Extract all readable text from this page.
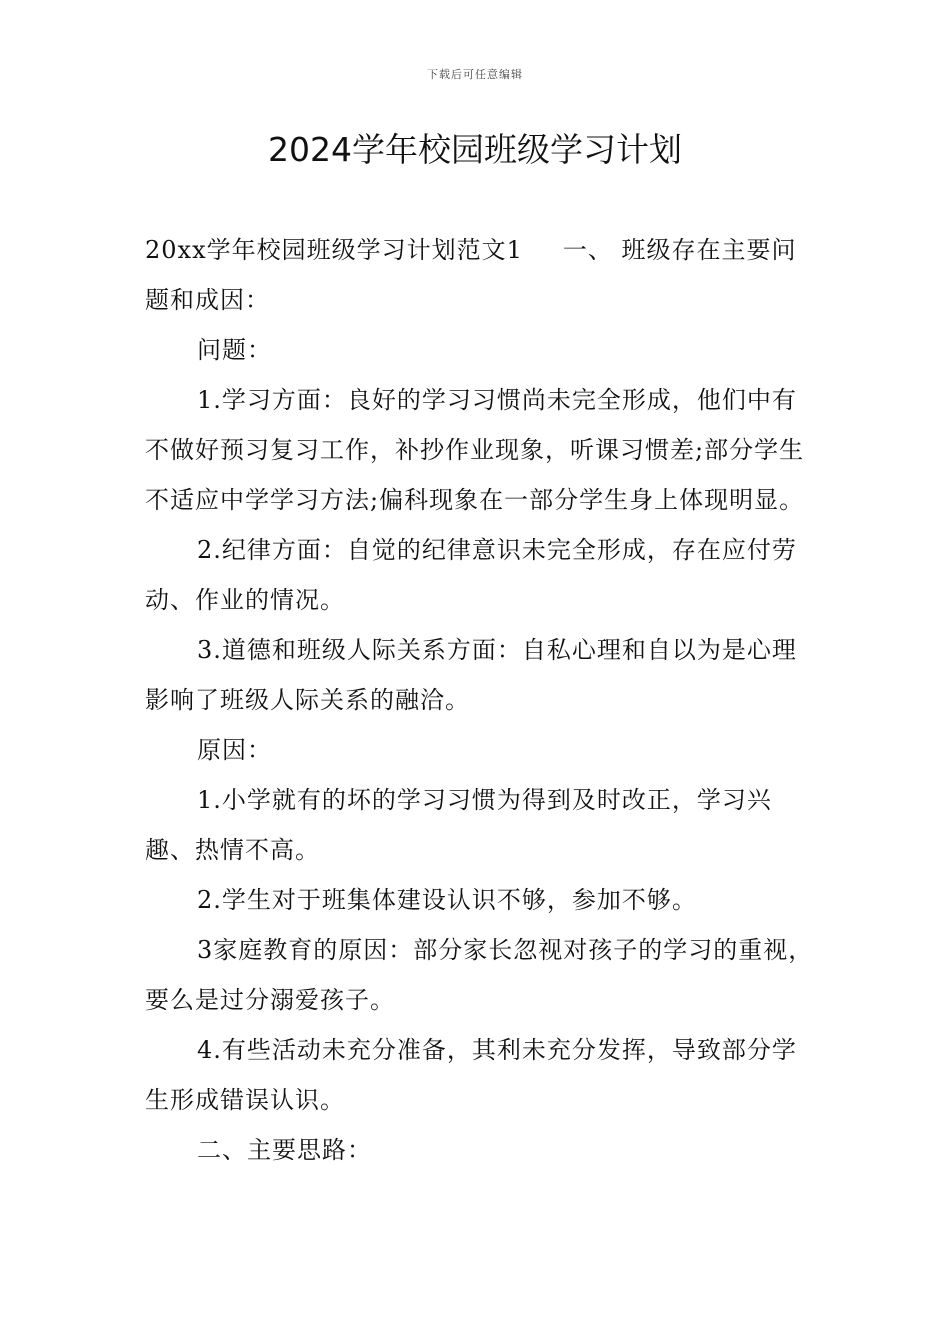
下载后可任意编辑
2024学年校园班级学习计划

20xx学年校园班级学习计划范文1 一、 班级存在主要问题和成因：

问题：

1.学习方面：良好的学习习惯尚未完全形成，他们中有不做好预习复习工作，补抄作业现象，听课习惯差;部分学生不适应中学学习方法;偏科现象在一部分学生身上体现明显。

2.纪律方面：自觉的纪律意识未完全形成，存在应付劳动、作业的情况。

3.道德和班级人际关系方面：自私心理和自以为是心理影响了班级人际关系的融洽。

原因：

1.小学就有的坏的学习习惯为得到及时改正，学习兴趣、热情不高。

2.学生对于班集体建设认识不够，参加不够。

3家庭教育的原因：部分家长忽视对孩子的学习的重视，要么是过分溺爱孩子。

4.有些活动未充分准备，其利未充分发挥，导致部分学生形成错误认识。

二、主要思路：
